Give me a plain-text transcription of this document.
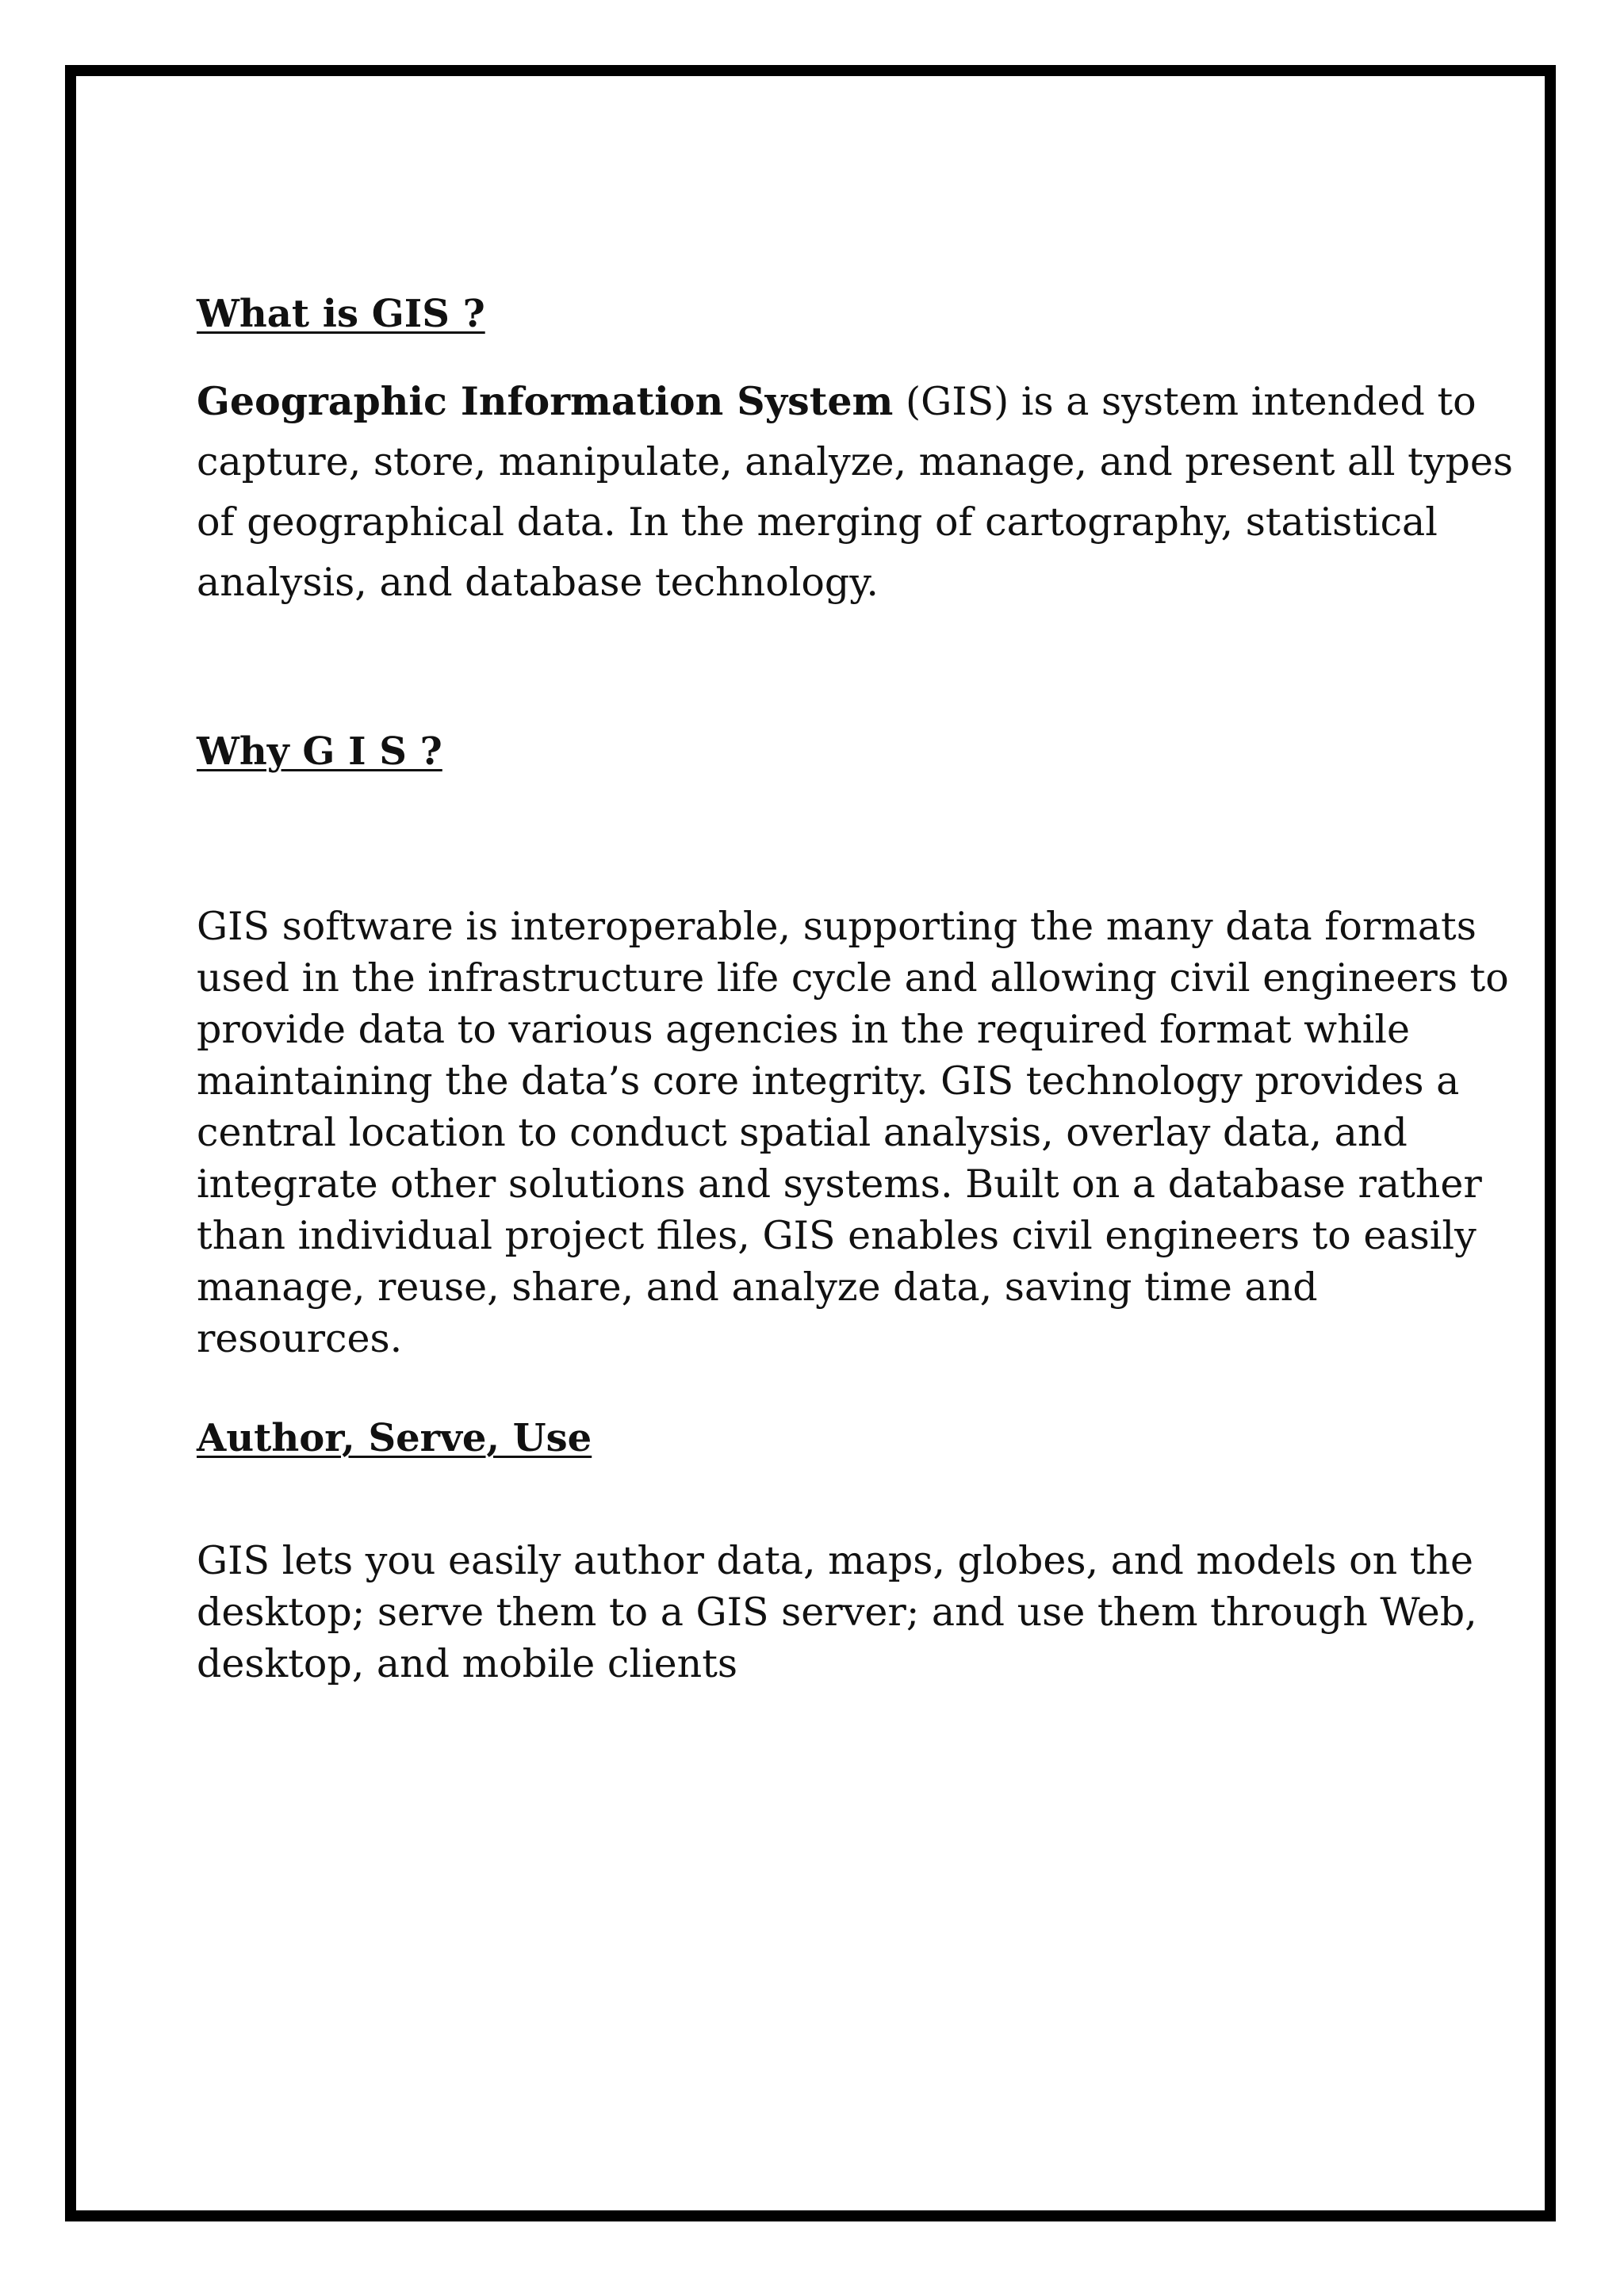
What is GIS ?

Geographic Information System (GIS) is a system intended to
capture, store, manipulate, analyze, manage, and present all types
of geographical data. In the merging of cartography, statistical
analysis, and database technology.

Why G I S ?

GIS software is interoperable, supporting the many data formats
used in the infrastructure life cycle and allowing civil engineers to
provide data to various agencies in the required format while
maintaining the data’s core integrity. GIS technology provides a
central location to conduct spatial analysis, overlay data, and
integrate other solutions and systems. Built on a database rather
than individual project files, GIS enables civil engineers to easily
manage, reuse, share, and analyze data, saving time and
resources.

Author, Serve, Use

GIS lets you easily author data, maps, globes, and models on the
desktop; serve them to a GIS server; and use them through Web,
desktop, and mobile clients
